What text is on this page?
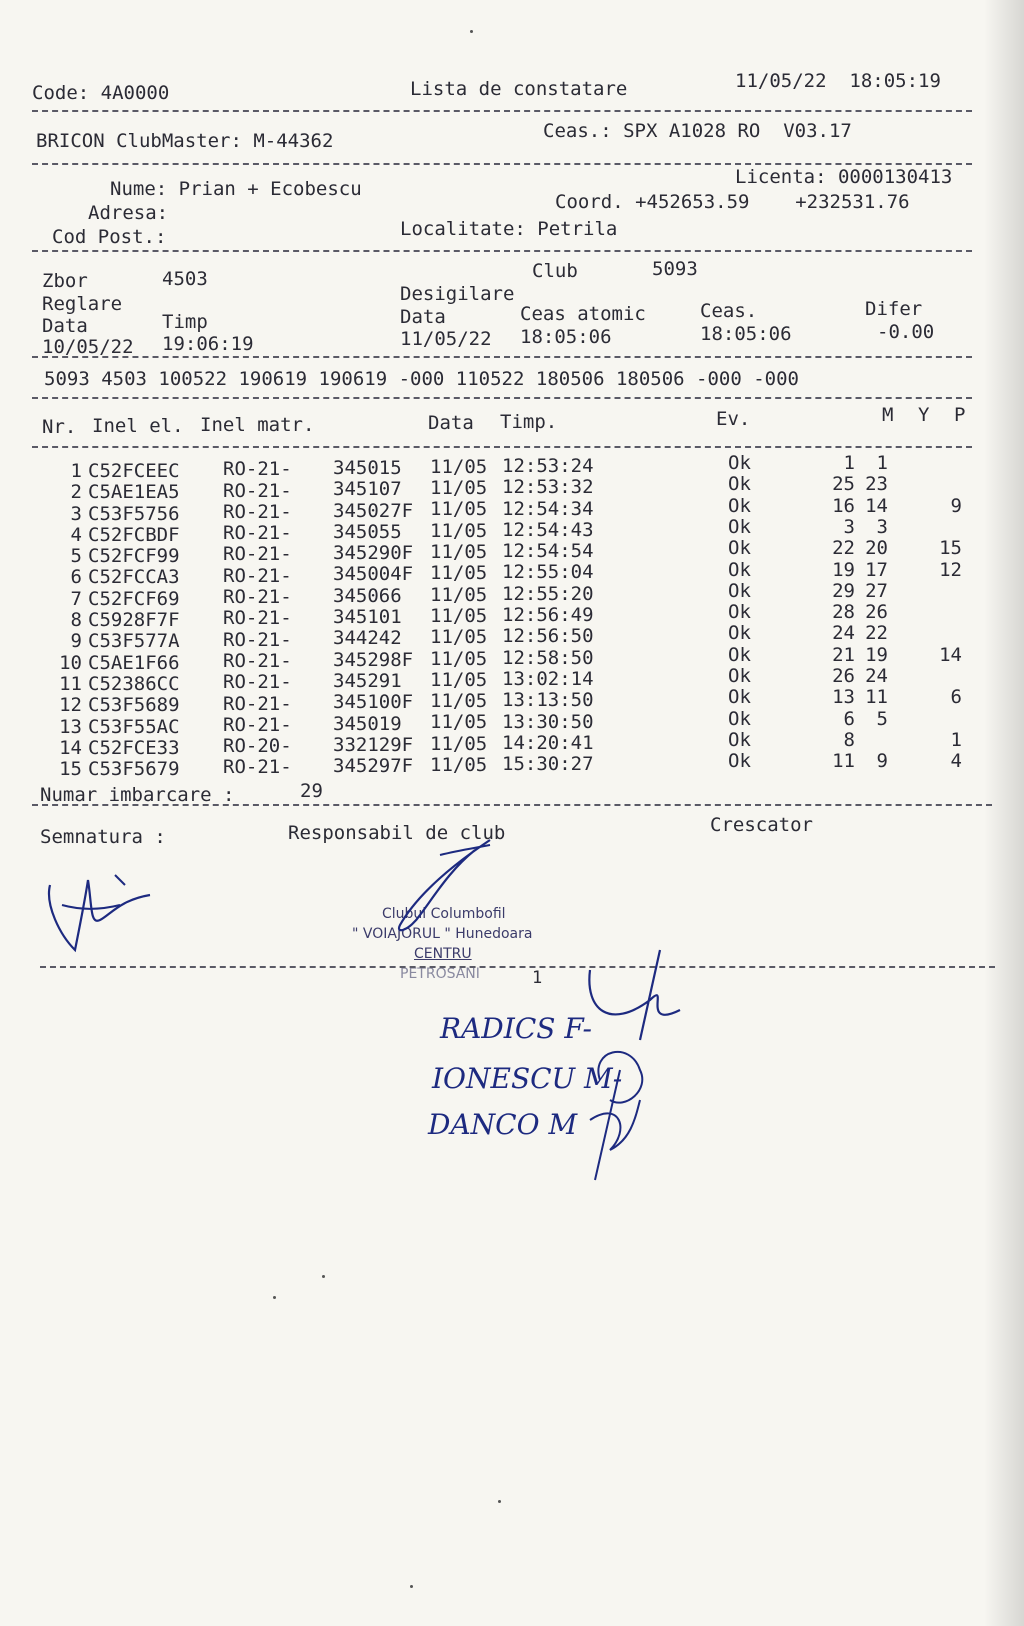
Code: 4A0000	Lista de constatare	11/05/22  18:05:19
BRICON ClubMaster: M-44362	Ceas.: SPX A1028 RO  V03.17
Nume: Prian + Ecobescu
Licenta: 0000130413
Adresa:	Coord. +452653.59    +232531.76
Cod Post.:	Localitate: Petrila
Zbor	4503	Club	5093
Reglare	Desigilare
Data	Timp	Data	Ceas atomic	Ceas.	Difer
10/05/22 19:06:19	11/05/22 18:05:06	18:05:06	-0.00
5093 4503 100522 190619 190619 -000 110522 180506 180506 -000 -000
Nr. Inel el. Inel matr.	Data Timp.	Ev.	M Y P
1 C52FCEEC RO-21- 345015 11/05 12:53:24	Ok	1 1
2 C5AE1EA5 RO-21- 345107 11/05 12:53:32	Ok	25 23
3 C53F5756 RO-21- 345027F 11/05 12:54:34	Ok	16 14	9
4 C52FCBDF RO-21- 345055 11/05 12:54:43	Ok	3 3
5 C52FCF99 RO-21- 345290F 11/05 12:54:54	Ok	22 20	15
6 C52FCCA3 RO-21- 345004F 11/05 12:55:04	Ok	19 17	12
7 C52FCF69 RO-21- 345066 11/05 12:55:20	Ok	29 27
8 C5928F7F RO-21- 345101 11/05 12:56:49	Ok	28 26
9 C53F577A RO-21- 344242 11/05 12:56:50	Ok	24 22
10 C5AE1F66 RO-21- 345298F 11/05 12:58:50	Ok	21 19	14
11 C52386CC RO-21- 345291 11/05 13:02:14	Ok	26 24
12 C53F5689 RO-21- 345100F 11/05 13:13:50	Ok	13 11	6
13 C53F55AC RO-21- 345019 11/05 13:30:50	Ok	6 5
14 C52FCE33 RO-20- 332129F 11/05 14:20:41	Ok	8	1
15 C53F5679 RO-21- 345297F 11/05 15:30:27	Ok	11 9	4
Numar imbarcare :	29
Semnatura :	Responsabil de club	Crescator
Clubul Columbofil
" VOIAJORUL " Hunedoara
CENTRU
PETROSANI	1
RADICS F-
IONESCU M-
DANCO M
